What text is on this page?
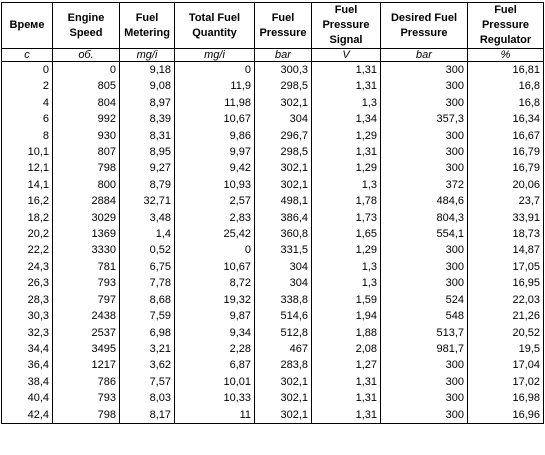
Време	Engine Speed	Fuel Metering	Total Fuel Quantity	Fuel Pressure	Fuel Pressure Signal	Desired Fuel Pressure	Fuel Pressure Regulator
c	об.	mg/i	mg/i	bar	V	bar	%
0	0	9,18	0	300,3	1,31	300	16,81
2	805	9,08	11,9	298,5	1,31	300	16,8
4	804	8,97	11,98	302,1	1,3	300	16,8
6	992	8,39	10,67	304	1,34	357,3	16,34
8	930	8,31	9,86	296,7	1,29	300	16,67
10,1	807	8,95	9,97	298,5	1,31	300	16,79
12,1	798	9,27	9,42	302,1	1,29	300	16,79
14,1	800	8,79	10,93	302,1	1,3	372	20,06
16,2	2884	32,71	2,57	498,1	1,78	484,6	23,7
18,2	3029	3,48	2,83	386,4	1,73	804,3	33,91
20,2	1369	1,4	25,42	360,8	1,65	554,1	18,73
22,2	3330	0,52	0	331,5	1,29	300	14,87
24,3	781	6,75	10,67	304	1,3	300	17,05
26,3	793	7,78	8,72	304	1,3	300	16,95
28,3	797	8,68	19,32	338,8	1,59	524	22,03
30,3	2438	7,59	9,87	514,6	1,94	548	21,26
32,3	2537	6,98	9,34	512,8	1,88	513,7	20,52
34,4	3495	3,21	2,28	467	2,08	981,7	19,5
36,4	1217	3,62	6,87	283,8	1,27	300	17,04
38,4	786	7,57	10,01	302,1	1,31	300	17,02
40,4	793	8,03	10,33	302,1	1,31	300	16,98
42,4	798	8,17	11	302,1	1,31	300	16,96
